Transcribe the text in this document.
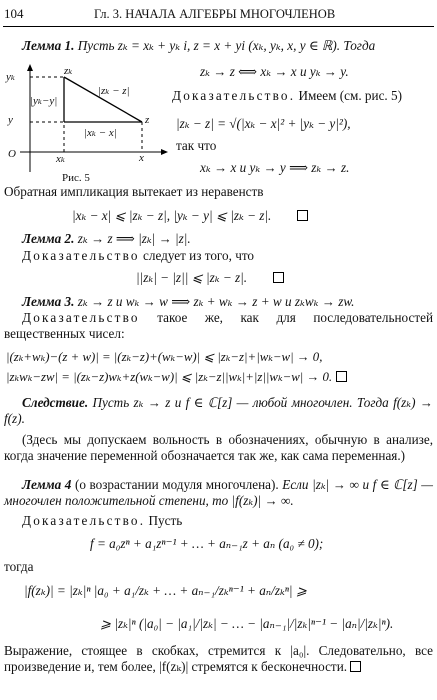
104	Гл. 3. НАЧАЛА АЛГЕБРЫ МНОГОЧЛЕНОВ
Лемма 1. Пусть zₖ = xₖ + yₖ i, z = x + yi (xₖ, yₖ, x, y ∈ ℝ). Тогда
zₖ → z ⟺ xₖ → x и yₖ → y.
Доказательство. Имеем (см. рис. 5)
|zₖ − z| = √(|xₖ − x|² + |yₖ − y|²),
так что
xₖ → x и yₖ → y ⟹ zₖ → z.
yₖ
y
O	xₖ	x
zₖ
z
|yₖ−y|
|xₖ − x|
|zₖ − z|
Рис. 5
Обратная импликация вытекает из неравенств
|xₖ − x| ⩽ |zₖ − z|, |yₖ − y| ⩽ |zₖ − z|.
Лемма 2. zₖ → z ⟹ |zₖ| → |z|.
Доказательство следует из того, что
||zₖ| − |z|| ⩽ |zₖ − z|.
Лемма 3. zₖ → z и wₖ → w ⟹ zₖ + wₖ → z + w и zₖwₖ → zw.
Доказательство такое же, как для последовательностей вещественных чисел:
|(zₖ+wₖ)−(z + w)| = |(zₖ−z)+(wₖ−w)| ⩽ |zₖ−z|+|wₖ−w| → 0,
|zₖwₖ−zw| = |(zₖ−z)wₖ+z(wₖ−w)| ⩽ |zₖ−z||wₖ|+|z||wₖ−w| → 0.
Следствие. Пусть zₖ → z и f ∈ ℂ[z] — любой многочлен. Тогда f(zₖ) → f(z).
(Здесь мы допускаем вольность в обозначениях, обычную в анализе, когда значение переменной обозначается так же, как сама переменная.)
Лемма 4 (о возрастании модуля многочлена). Если |zₖ| → ∞ и f ∈ ℂ[z] — многочлен положительной степени, то |f(zₖ)| → ∞.
Доказательство. Пусть
f = a₀zⁿ + a₁zⁿ⁻¹ + … + aₙ₋₁z + aₙ (a₀ ≠ 0);
тогда
|f(zₖ)| = |zₖ|ⁿ |a₀ + a₁/zₖ + … + aₙ₋₁/zₖⁿ⁻¹ + aₙ/zₖⁿ| ⩾
⩾ |zₖ|ⁿ (|a₀| − |a₁|/|zₖ| − … − |aₙ₋₁|/|zₖ|ⁿ⁻¹ − |aₙ|/|zₖ|ⁿ).
Выражение, стоящее в скобках, стремится к |a₀|. Следовательно, все произведение и, тем более, |f(zₖ)| стремятся к бесконечности.
